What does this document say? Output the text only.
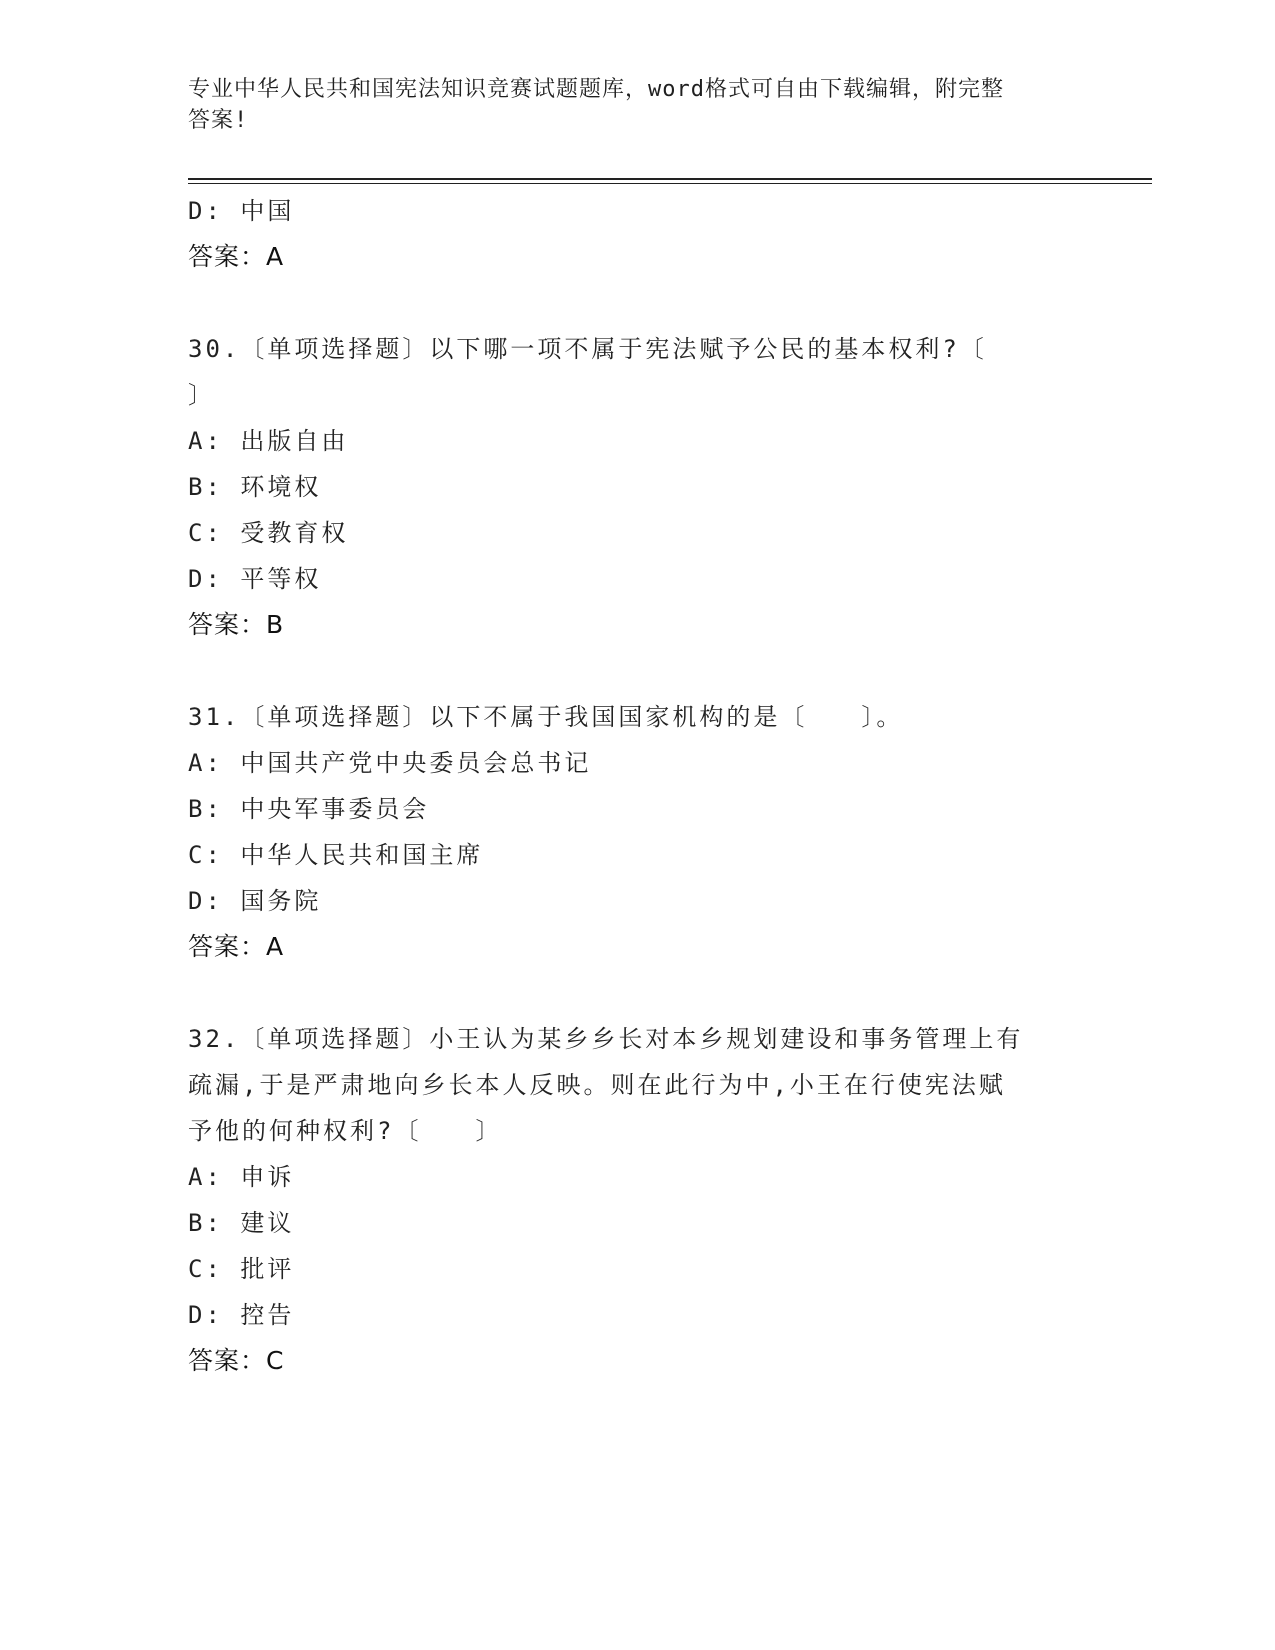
专业中华人民共和国宪法知识竞赛试题题库，word格式可自由下载编辑，附完整
答案!
D: 中国
答案：A
30.〔单项选择题〕以下哪一项不属于宪法赋予公民的基本权利?〔
〕
A: 出版自由
B: 环境权
C: 受教育权
D: 平等权
答案：B
31.〔单项选择题〕以下不属于我国国家机构的是〔　　〕。
A: 中国共产党中央委员会总书记
B: 中央军事委员会
C: 中华人民共和国主席
D: 国务院
答案：A
32.〔单项选择题〕小王认为某乡乡长对本乡规划建设和事务管理上有
疏漏,于是严肃地向乡长本人反映。则在此行为中,小王在行使宪法赋
予他的何种权利?〔　　〕
A: 申诉
B: 建议
C: 批评
D: 控告
答案：C
